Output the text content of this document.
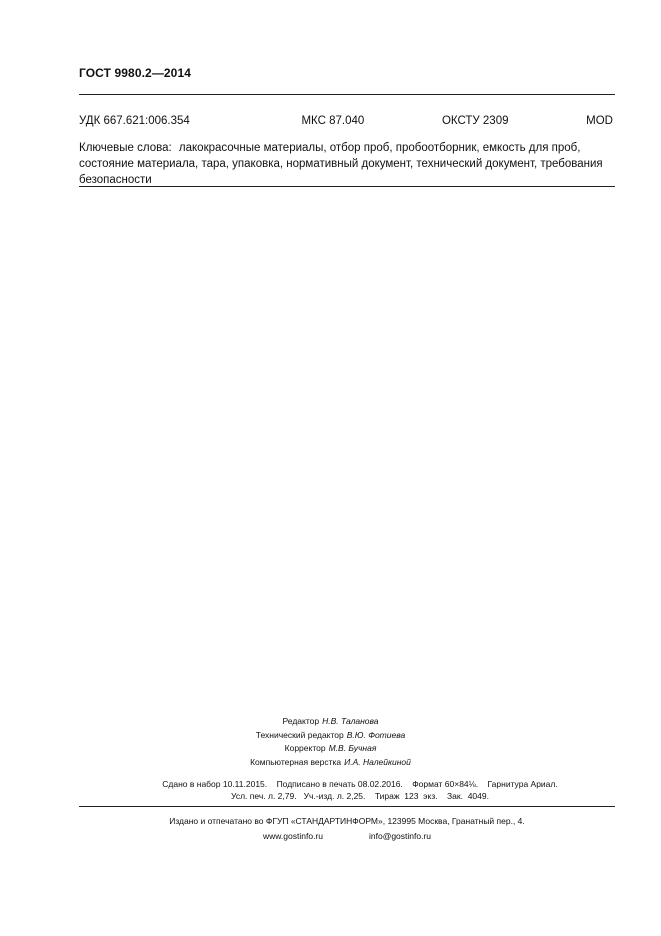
ГОСТ 9980.2—2014
УДК 667.621:006.354	МКС 87.040	ОКСТУ 2309	MOD
Ключевые слова: лакокрасочные материалы, отбор проб, пробоотборник, емкость для проб, состояние материала, тара, упаковка, нормативный документ, технический документ, требования безопасности
Редактор Н.В. Таланова
Технический редактор В.Ю. Фотиева
Корректор М.В. Бучная
Компьютерная верстка И.А. Налейкиной
Сдано в набор 10.11.2015.    Подписано в печать 08.02.2016.    Формат 60×84⅛.    Гарнитура Ариал.
Усл. печ. л. 2,79.   Уч.-изд. л. 2,25.    Тираж  123  экз.    Зак.  4049.
Издано и отпечатано во ФГУП «СТАНДАРТИНФОРМ», 123995 Москва, Гранатный пер., 4.
www.gostinfo.ru	info@gostinfo.ru
